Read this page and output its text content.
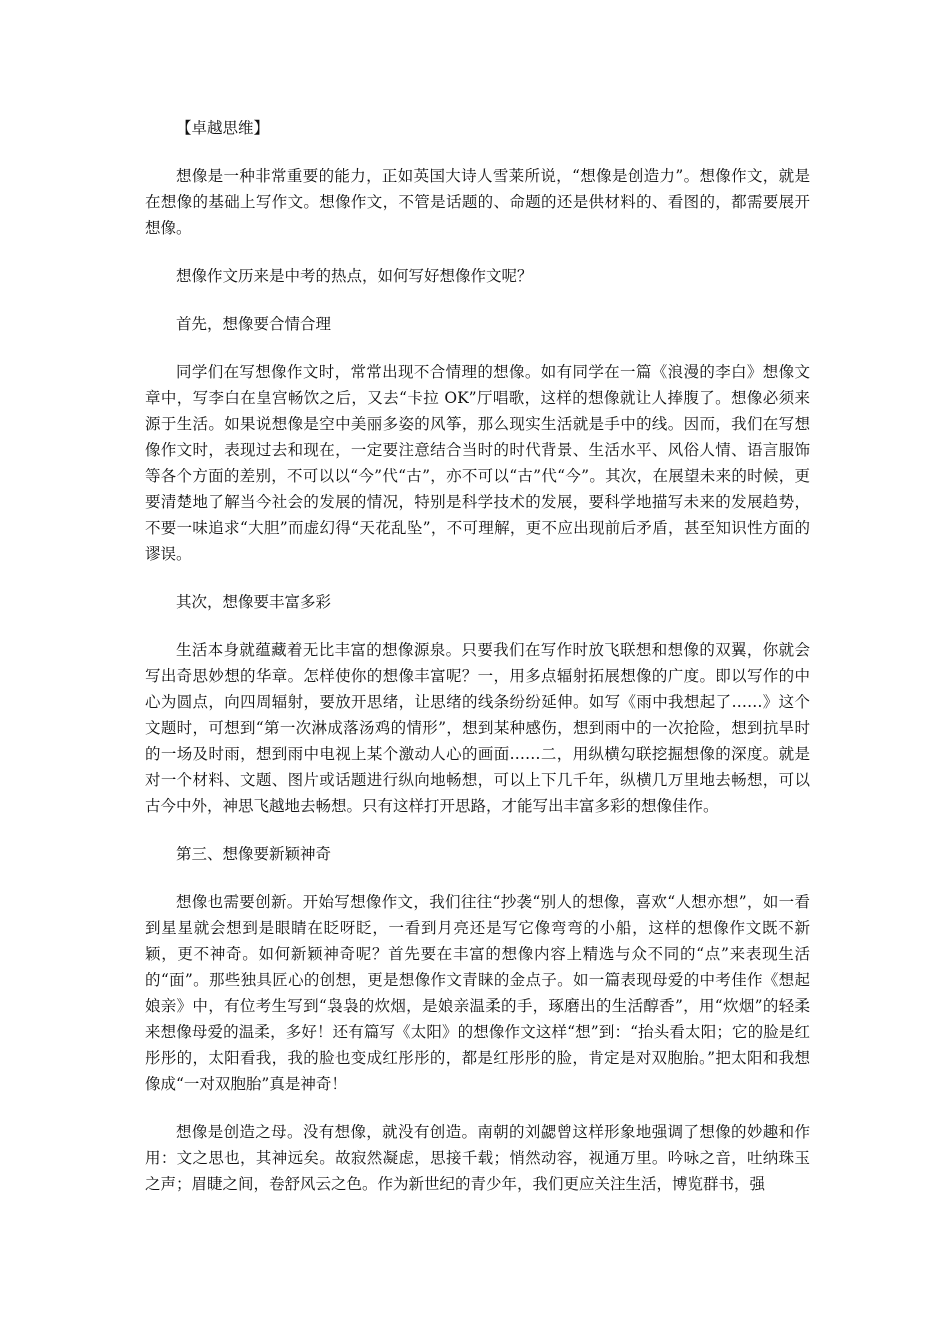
【卓越思维】

想像是一种非常重要的能力，正如英国大诗人雪莱所说，“想像是创造力”。想像作文，就是在想像的基础上写作文。想像作文，不管是话题的、命题的还是供材料的、看图的，都需要展开想像。

想像作文历来是中考的热点，如何写好想像作文呢？

首先，想像要合情合理

同学们在写想像作文时，常常出现不合情理的想像。如有同学在一篇《浪漫的李白》想像文章中，写李白在皇宫畅饮之后，又去“卡拉 OK”厅唱歌，这样的想像就让人捧腹了。想像必须来源于生活。如果说想像是空中美丽多姿的风筝，那么现实生活就是手中的线。因而，我们在写想像作文时，表现过去和现在，一定要注意结合当时的时代背景、生活水平、风俗人情、语言服饰等各个方面的差别，不可以以“今”代“古”，亦不可以“古”代“今”。其次，在展望未来的时候，更要清楚地了解当今社会的发展的情况，特别是科学技术的发展，要科学地描写未来的发展趋势，不要一味追求“大胆”而虚幻得“天花乱坠”，不可理解，更不应出现前后矛盾，甚至知识性方面的谬误。

其次，想像要丰富多彩

生活本身就蕴藏着无比丰富的想像源泉。只要我们在写作时放飞联想和想像的双翼，你就会写出奇思妙想的华章。怎样使你的想像丰富呢？一，用多点辐射拓展想像的广度。即以写作的中心为圆点，向四周辐射，要放开思绪，让思绪的线条纷纷延伸。如写《雨中我想起了……》这个文题时，可想到“第一次淋成落汤鸡的情形”，想到某种感伤，想到雨中的一次抢险，想到抗旱时的一场及时雨，想到雨中电视上某个激动人心的画面……二，用纵横勾联挖掘想像的深度。就是对一个材料、文题、图片或话题进行纵向地畅想，可以上下几千年，纵横几万里地去畅想，可以古今中外，神思飞越地去畅想。只有这样打开思路，才能写出丰富多彩的想像佳作。

第三、想像要新颖神奇

想像也需要创新。开始写想像作文，我们往往“抄袭“别人的想像，喜欢“人想亦想”，如一看到星星就会想到是眼睛在眨呀眨，一看到月亮还是写它像弯弯的小船，这样的想像作文既不新颖，更不神奇。如何新颖神奇呢？首先要在丰富的想像内容上精选与众不同的“点”来表现生活的“面”。那些独具匠心的创想，更是想像作文青睐的金点子。如一篇表现母爱的中考佳作《想起娘亲》中，有位考生写到“袅袅的炊烟，是娘亲温柔的手，琢磨出的生活醇香”，用“炊烟”的轻柔来想像母爱的温柔，多好！还有篇写《太阳》的想像作文这样“想”到：“抬头看太阳；它的脸是红彤彤的，太阳看我，我的脸也变成红彤彤的，都是红彤彤的脸，肯定是对双胞胎。”把太阳和我想像成“一对双胞胎”真是神奇！

想像是创造之母。没有想像，就没有创造。南朝的刘勰曾这样形象地强调了想像的妙趣和作用：文之思也，其神远矣。故寂然凝虑，思接千载；悄然动容，视通万里。吟咏之音，吐纳珠玉之声；眉睫之间，卷舒风云之色。作为新世纪的青少年，我们更应关注生活，博览群书，强
